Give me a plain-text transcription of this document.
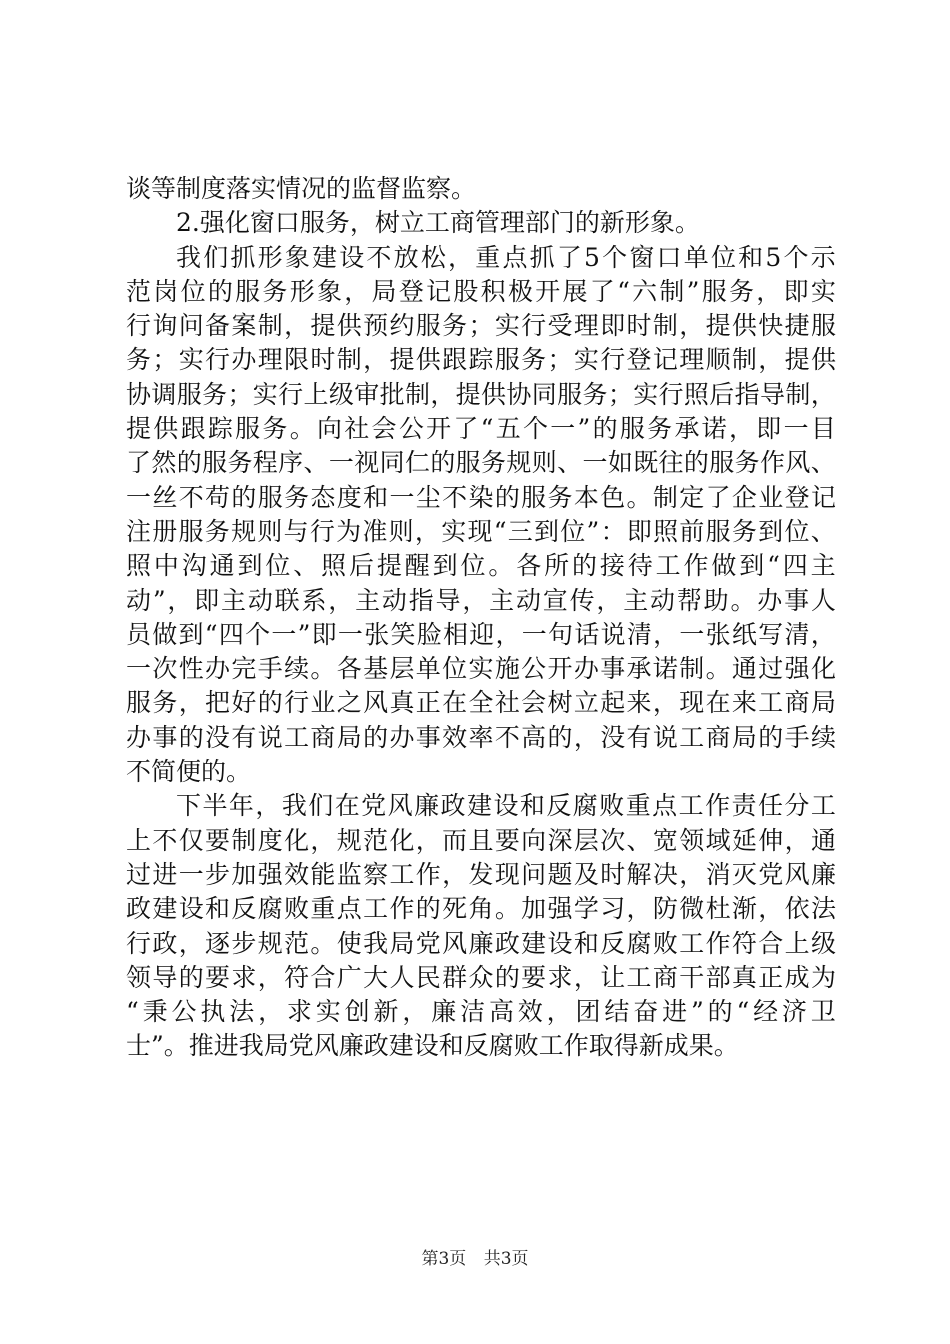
谈等制度落实情况的监督监察。
2.强化窗口服务，树立工商管理部门的新形象。
我 们 抓 形 象 建 设 不 放 松 ， 重 点 抓 了 5 个 窗 口 单 位 和 5 个 示
范 岗 位 的 服 务 形 象 ， 局 登 记 股 积 极 开 展 了 “ 六 制 ” 服 务 ， 即 实
行 询 问 备 案 制 ， 提 供 预 约 服 务 ； 实 行 受 理 即 时 制 ， 提 供 快 捷 服
务 ； 实 行 办 理 限 时 制 ， 提 供 跟 踪 服 务 ； 实 行 登 记 理 顺 制 ， 提 供
协 调 服 务 ； 实 行 上 级 审 批 制 ， 提 供 协 同 服 务 ； 实 行 照 后 指 导 制 ，
提 供 跟 踪 服 务 。 向 社 会 公 开 了 “ 五 个 一 ” 的 服 务 承 诺 ， 即 一 目
了 然 的 服 务 程 序 、 一 视 同 仁 的 服 务 规 则 、 一 如 既 往 的 服 务 作 风 、
一 丝 不 苟 的 服 务 态 度 和 一 尘 不 染 的 服 务 本 色 。 制 定 了 企 业 登 记
注 册 服 务 规 则 与 行 为 准 则 ， 实 现 “ 三 到 位 ” ： 即 照 前 服 务 到 位 、
照 中 沟 通 到 位 、 照 后 提 醒 到 位 。 各 所 的 接 待 工 作 做 到 “ 四 主
动 ” ， 即 主 动 联 系 ， 主 动 指 导 ， 主 动 宣 传 ， 主 动 帮 助 。 办 事 人
员 做 到 “ 四 个 一 ” 即 一 张 笑 脸 相 迎 ， 一 句 话 说 清 ， 一 张 纸 写 清 ，
一 次 性 办 完 手 续 。 各 基 层 单 位 实 施 公 开 办 事 承 诺 制 。 通 过 强 化
服 务 ， 把 好 的 行 业 之 风 真 正 在 全 社 会 树 立 起 来 ， 现 在 来 工 商 局
办 事 的 没 有 说 工 商 局 的 办 事 效 率 不 高 的 ， 没 有 说 工 商 局 的 手 续
不简便的。
下 半 年 ， 我 们 在 党 风 廉 政 建 设 和 反 腐 败 重 点 工 作 责 任 分 工
上 不 仅 要 制 度 化 ， 规 范 化 ， 而 且 要 向 深 层 次 、 宽 领 域 延 伸 ， 通
过 进 一 步 加 强 效 能 监 察 工 作 ， 发 现 问 题 及 时 解 决 ， 消 灭 党 风 廉
政 建 设 和 反 腐 败 重 点 工 作 的 死 角 。 加 强 学 习 ， 防 微 杜 渐 ， 依 法
行 政 ， 逐 步 规 范 。 使 我 局 党 风 廉 政 建 设 和 反 腐 败 工 作 符 合 上 级
领 导 的 要 求 ， 符 合 广 大 人 民 群 众 的 要 求 ， 让 工 商 干 部 真 正 成 为
“ 秉 公 执 法 ， 求 实 创 新 ， 廉 洁 高 效 ， 团 结 奋 进 ” 的 “ 经 济 卫
士”。推进我局党风廉政建设和反腐败工作取得新成果。
第3页 共3页
